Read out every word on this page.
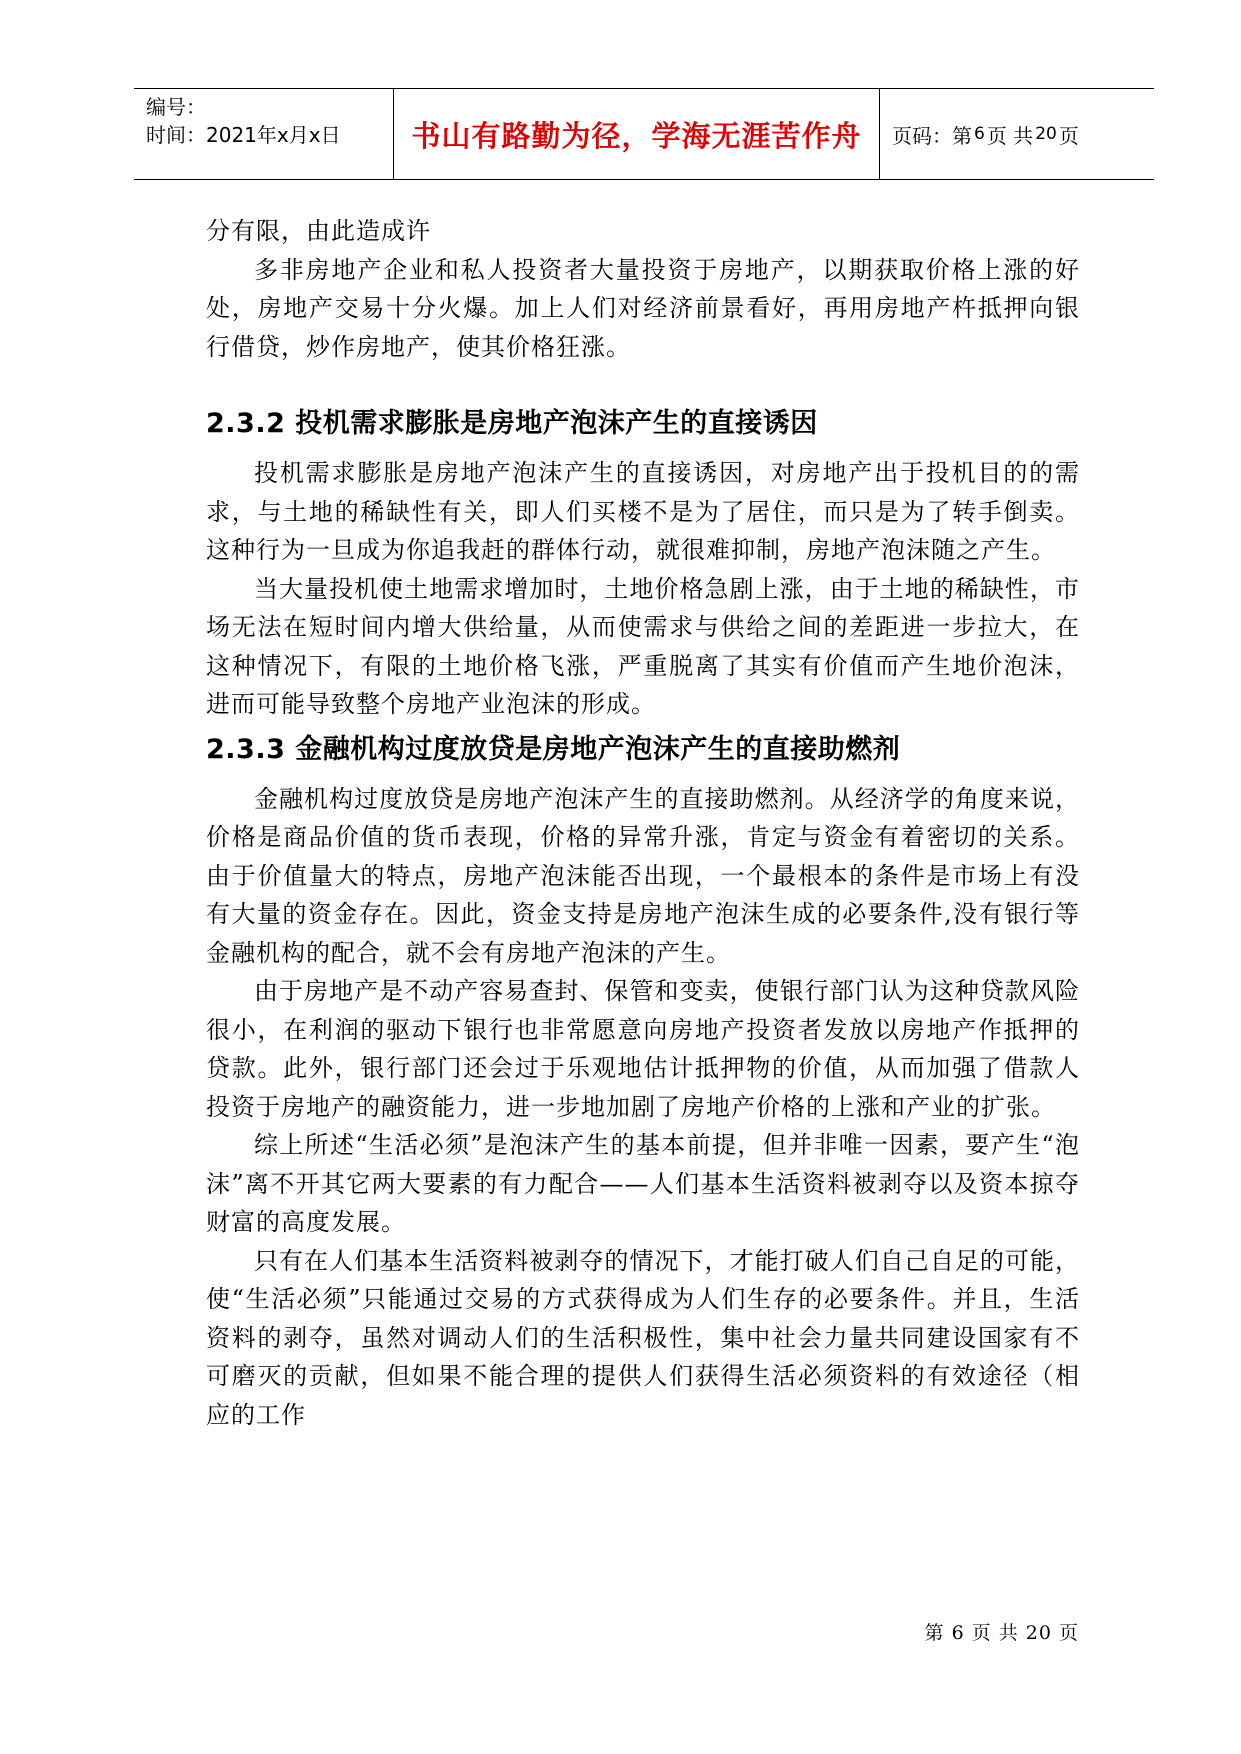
编号：
时间：2021年x月x日	书山有路勤为径，学海无涯苦作舟	页码：第 6 页 共 20 页

分有限，由此造成许

多非房地产企业和私人投资者大量投资于房地产，以期获取价格上涨的好处，房地产交易十分火爆。加上人们对经济前景看好，再用房地产杵抵押向银行借贷，炒作房地产，使其价格狂涨。

2.3.2 投机需求膨胀是房地产泡沫产生的直接诱因

投机需求膨胀是房地产泡沫产生的直接诱因，对房地产出于投机目的的需求，与土地的稀缺性有关，即人们买楼不是为了居住，而只是为了转手倒卖。这种行为一旦成为你追我赶的群体行动，就很难抑制，房地产泡沫随之产生。

当大量投机使土地需求增加时，土地价格急剧上涨，由于土地的稀缺性，市场无法在短时间内增大供给量，从而使需求与供给之间的差距进一步拉大，在这种情况下，有限的土地价格飞涨，严重脱离了其实有价值而产生地价泡沫，进而可能导致整个房地产业泡沫的形成。

2.3.3 金融机构过度放贷是房地产泡沫产生的直接助燃剂

金融机构过度放贷是房地产泡沫产生的直接助燃剂。从经济学的角度来说，价格是商品价值的货币表现，价格的异常升涨，肯定与资金有着密切的关系。由于价值量大的特点，房地产泡沫能否出现，一个最根本的条件是市场上有没有大量的资金存在。因此，资金支持是房地产泡沫生成的必要条件,没有银行等金融机构的配合，就不会有房地产泡沫的产生。

由于房地产是不动产容易查封、保管和变卖，使银行部门认为这种贷款风险很小，在利润的驱动下银行也非常愿意向房地产投资者发放以房地产作抵押的贷款。此外，银行部门还会过于乐观地估计抵押物的价值，从而加强了借款人投资于房地产的融资能力，进一步地加剧了房地产价格的上涨和产业的扩张。

综上所述“生活必须”是泡沫产生的基本前提，但并非唯一因素，要产生“泡沫”离不开其它两大要素的有力配合——人们基本生活资料被剥夺以及资本掠夺财富的高度发展。

只有在人们基本生活资料被剥夺的情况下，才能打破人们自己自足的可能，使“生活必须”只能通过交易的方式获得成为人们生存的必要条件。并且，生活资料的剥夺，虽然对调动人们的生活积极性，集中社会力量共同建设国家有不可磨灭的贡献，但如果不能合理的提供人们获得生活必须资料的有效途径（相应的工作

第 6 页 共 20 页
